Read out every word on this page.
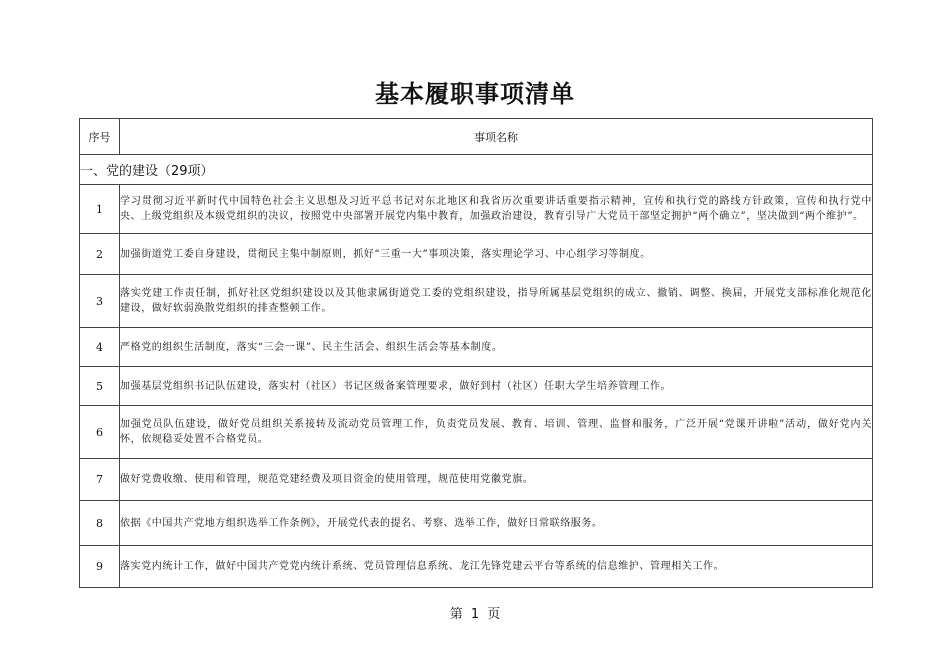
基本履职事项清单
序号	事项名称
一、党的建设（29项）	
1	学习贯彻习近平新时代中国特色社会主义思想及习近平总书记对东北地区和我省历次重要讲话重要指示精神，宣传和执行党的路线方针政策，宣传和执行党中央、上级党组织及本级党组织的决议，按照党中央部署开展党内集中教育，加强政治建设，教育引导广大党员干部坚定拥护“两个确立”，坚决做到“两个维护”。
2	加强街道党工委自身建设，贯彻民主集中制原则，抓好“三重一大”事项决策，落实理论学习、中心组学习等制度。
3	落实党建工作责任制，抓好社区党组织建设以及其他隶属街道党工委的党组织建设，指导所属基层党组织的成立、撤销、调整、换届，开展党支部标准化规范化建设，做好软弱涣散党组织的排查整顿工作。
4	严格党的组织生活制度，落实“三会一课”、民主生活会、组织生活会等基本制度。
5	加强基层党组织书记队伍建设，落实村（社区）书记区级备案管理要求，做好到村（社区）任职大学生培养管理工作。
6	加强党员队伍建设，做好党员组织关系接转及流动党员管理工作，负责党员发展、教育、培训、管理、监督和服务，广泛开展“党课开讲啦”活动，做好党内关怀，依规稳妥处置不合格党员。
7	做好党费收缴、使用和管理，规范党建经费及项目资金的使用管理，规范使用党徽党旗。
8	依据《中国共产党地方组织选举工作条例》，开展党代表的提名、考察、选举工作，做好日常联络服务。
9	落实党内统计工作，做好中国共产党党内统计系统、党员管理信息系统、龙江先锋党建云平台等系统的信息维护、管理相关工作。
第 1 页
